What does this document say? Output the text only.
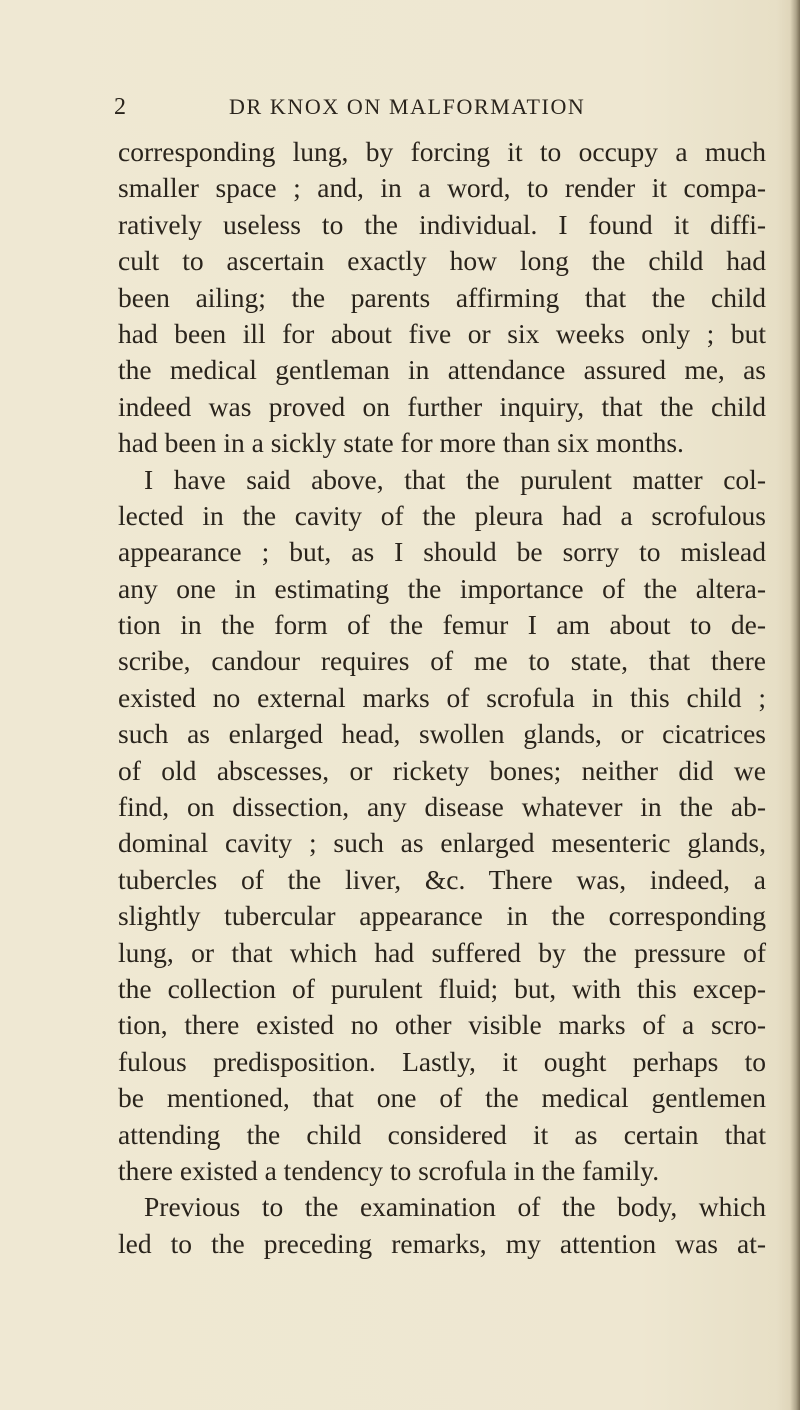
2	DR KNOX ON MALFORMATION
corresponding lung, by forcing it to occupy a much
smaller space ; and, in a word, to render it compa-
ratively useless to the individual. I found it diffi-
cult to ascertain exactly how long the child had
been ailing; the parents affirming that the child
had been ill for about five or six weeks only ; but
the medical gentleman in attendance assured me, as
indeed was proved on further inquiry, that the child
had been in a sickly state for more than six months.
I have said above, that the purulent matter col-
lected in the cavity of the pleura had a scrofulous
appearance ; but, as I should be sorry to mislead
any one in estimating the importance of the altera-
tion in the form of the femur I am about to de-
scribe, candour requires of me to state, that there
existed no external marks of scrofula in this child ;
such as enlarged head, swollen glands, or cicatrices
of old abscesses, or rickety bones; neither did we
find, on dissection, any disease whatever in the ab-
dominal cavity ; such as enlarged mesenteric glands,
tubercles of the liver, &c. There was, indeed, a
slightly tubercular appearance in the corresponding
lung, or that which had suffered by the pressure of
the collection of purulent fluid; but, with this excep-
tion, there existed no other visible marks of a scro-
fulous predisposition. Lastly, it ought perhaps to
be mentioned, that one of the medical gentlemen
attending the child considered it as certain that
there existed a tendency to scrofula in the family.
Previous to the examination of the body, which
led to the preceding remarks, my attention was at-
